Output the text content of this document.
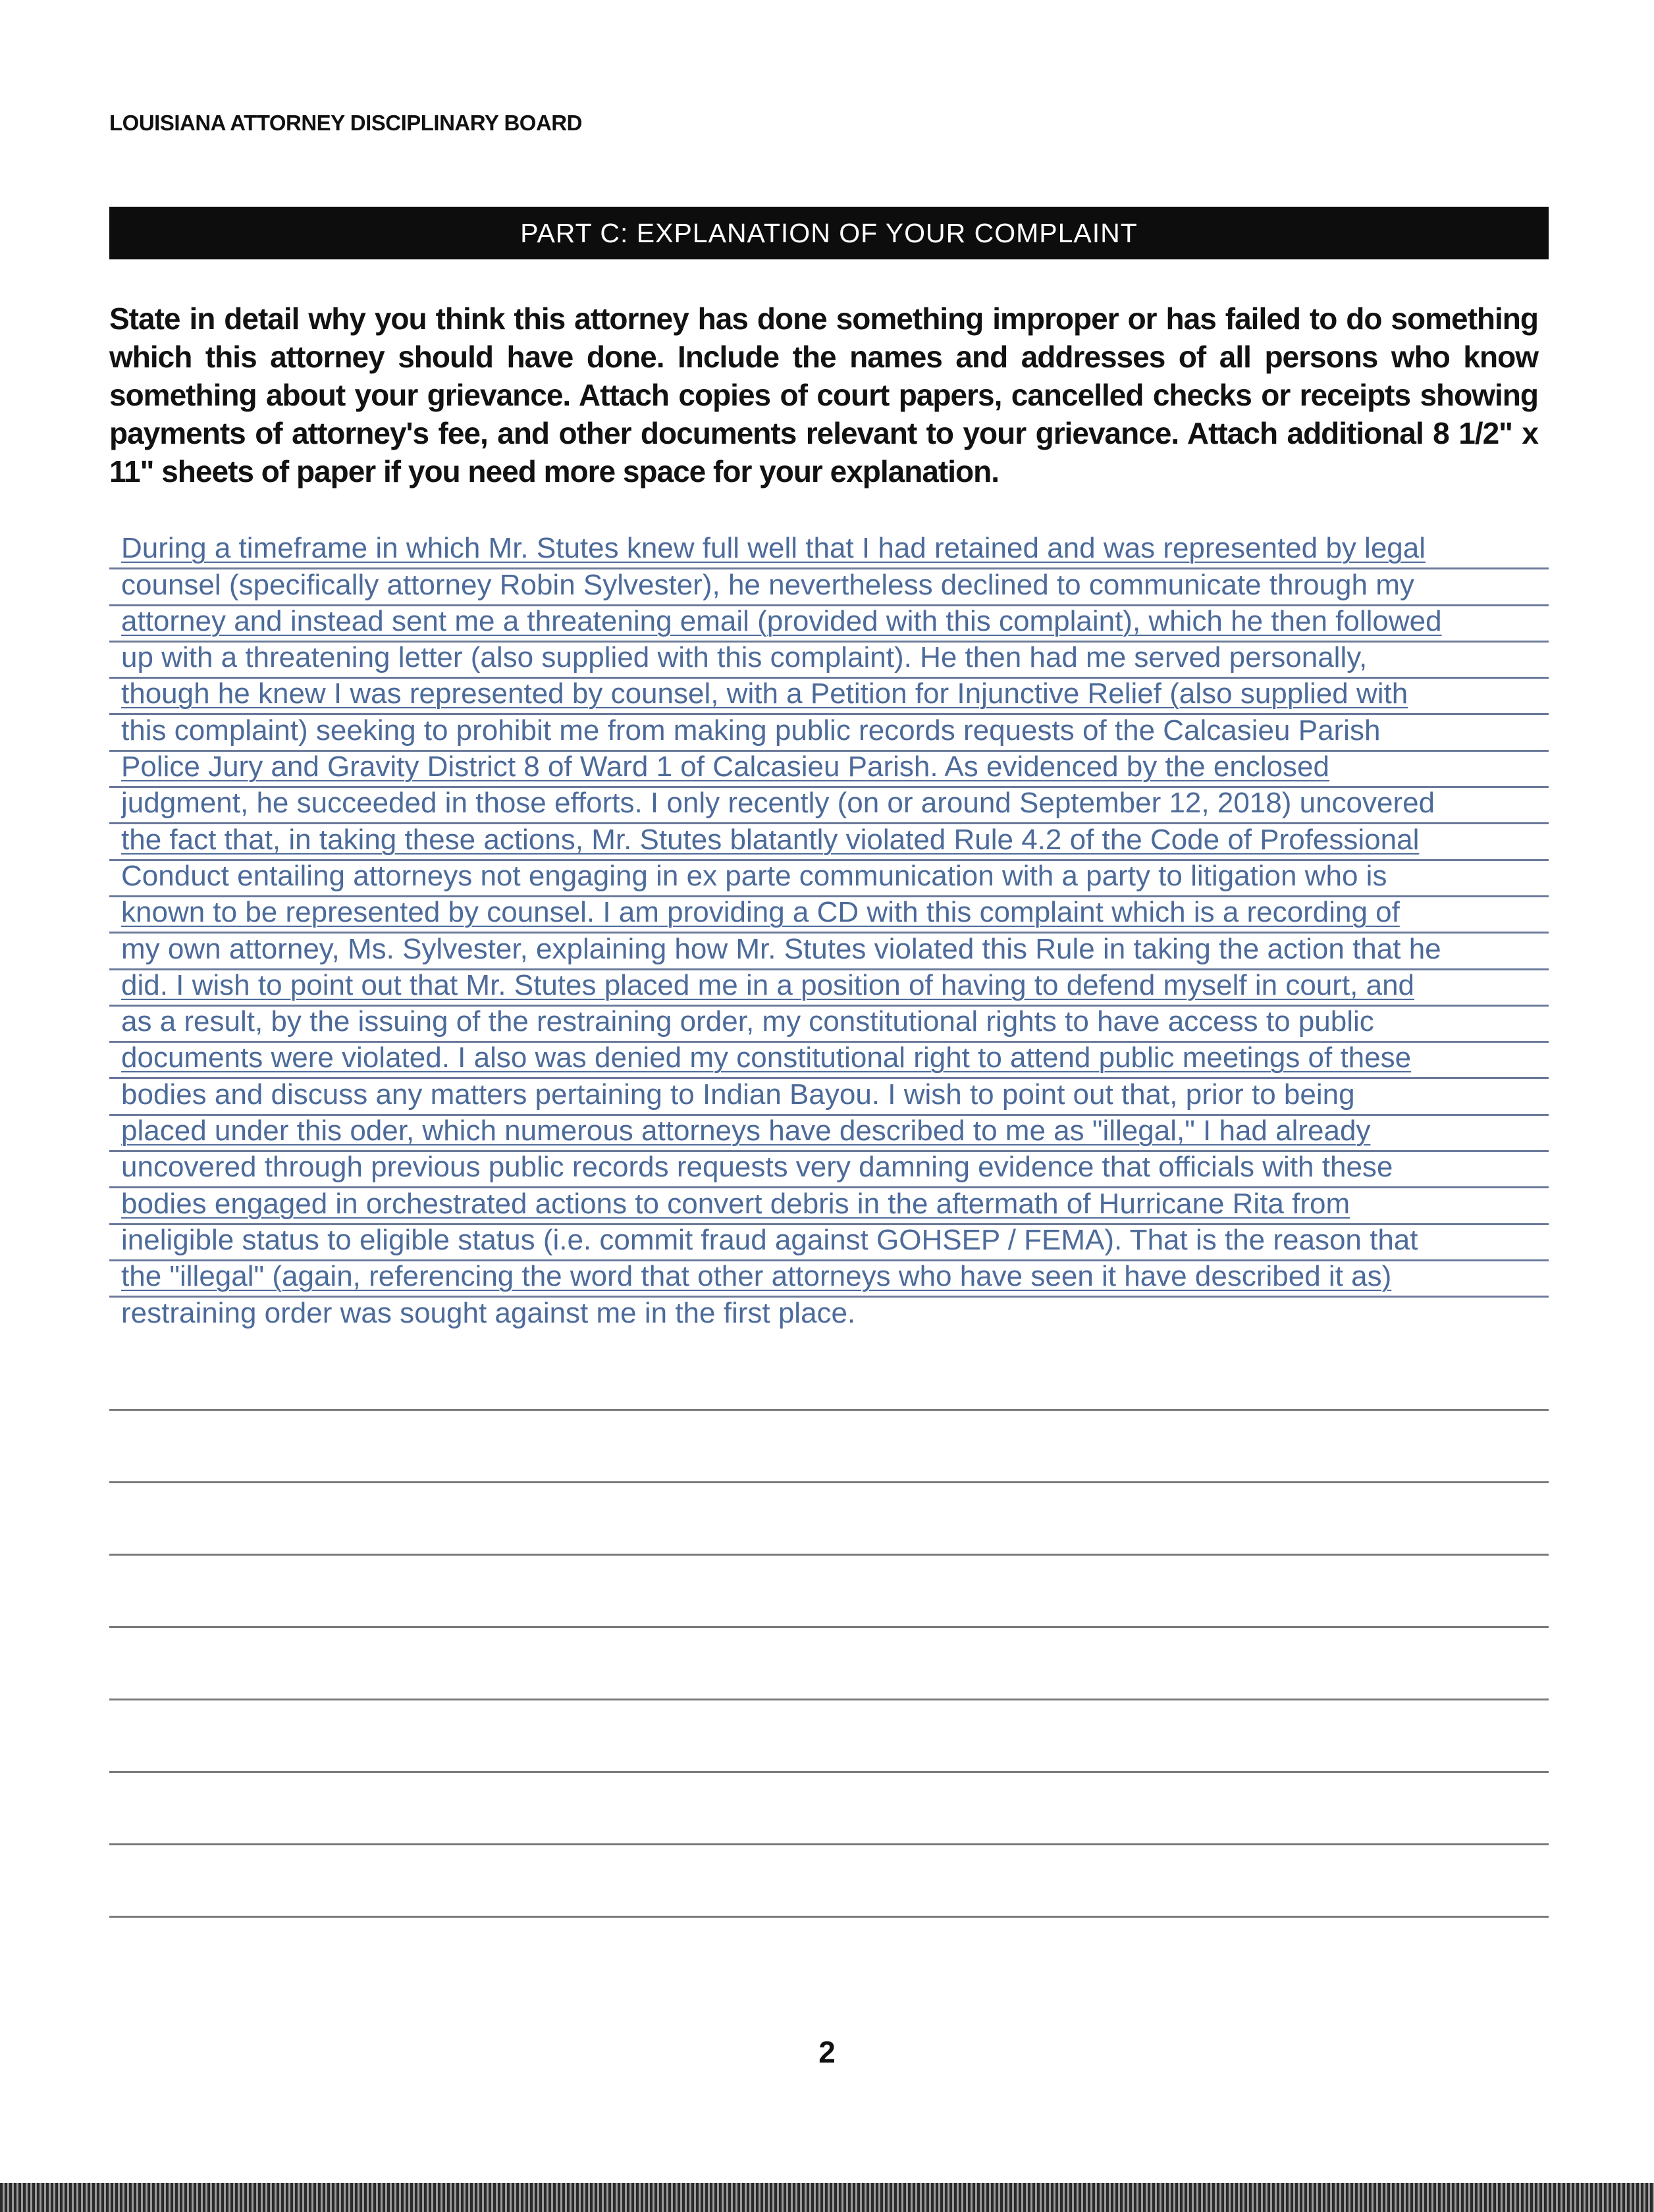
LOUISIANA ATTORNEY DISCIPLINARY BOARD
PART C: EXPLANATION OF YOUR COMPLAINT
State in detail why you think this attorney has done something improper or has failed to do something which this attorney should have done. Include the names and addresses of all persons who know something about your grievance. Attach copies of court papers, cancelled checks or receipts showing payments of attorney's fee, and other documents relevant to your grievance. Attach additional 8 1/2" x 11" sheets of paper if you need more space for your explanation.
During a timeframe in which Mr. Stutes knew full well that I had retained and was represented by legal
counsel (specifically attorney Robin Sylvester), he nevertheless declined to communicate through my
attorney and instead sent me a threatening email (provided with this complaint), which he then followed
up with a threatening letter (also supplied with this complaint). He then had me served personally,
though he knew I was represented by counsel, with a Petition for Injunctive Relief (also supplied with
this complaint) seeking to prohibit me from making public records requests of the Calcasieu Parish
Police Jury and Gravity District 8 of Ward 1 of Calcasieu Parish. As evidenced by the enclosed
judgment, he succeeded in those efforts. I only recently (on or around September 12, 2018) uncovered
the fact that, in taking these actions, Mr. Stutes blatantly violated Rule 4.2 of the Code of Professional
Conduct entailing attorneys not engaging in ex parte communication with a party to litigation who is
known to be represented by counsel. I am providing a CD with this complaint which is a recording of
my own attorney, Ms. Sylvester, explaining how Mr. Stutes violated this Rule in taking the action that he
did. I wish to point out that Mr. Stutes placed me in a position of having to defend myself in court, and
as a result, by the issuing of the restraining order, my constitutional rights to have access to public
documents were violated. I also was denied my constitutional right to attend public meetings of these
bodies and discuss any matters pertaining to Indian Bayou. I wish to point out that, prior to being
placed under this oder, which numerous attorneys have described to me as "illegal," I had already
uncovered through previous public records requests very damning evidence that officials with these
bodies engaged in orchestrated actions to convert debris in the aftermath of Hurricane Rita from
ineligible status to eligible status (i.e. commit fraud against GOHSEP / FEMA). That is the reason that
the "illegal" (again, referencing the word that other attorneys who have seen it have described it as)
restraining order was sought against me in the first place.
2
